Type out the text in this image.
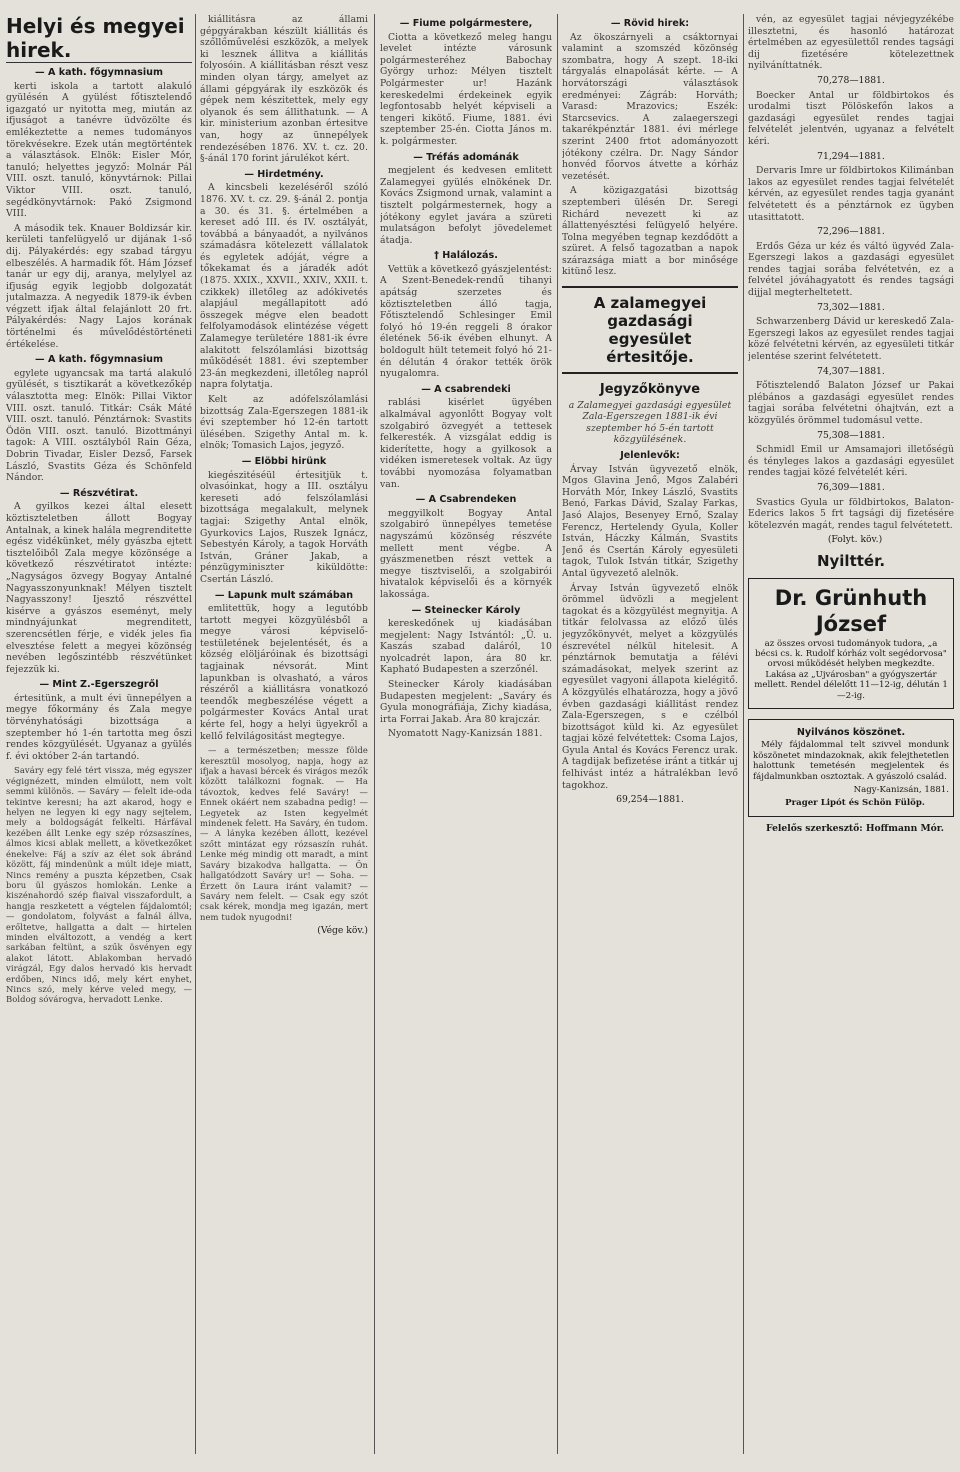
Helyi és megyei hirek.
— A kath. főgymnasium

kerti iskola a tartott alakuló gyülésén A gyülést főtisztelendő igazgató ur nyitotta meg, miután az ifjuságot a tanévre üdvözölte és emlékeztette a nemes tudományos törekvésekre. Ezek után megtörténtek a választások. Elnök: Eisler Mór, tanuló; helyettes jegyző: Molnár Pál VIII. oszt. tanuló, könyvtárnok: Pillai Viktor VIII. oszt. tanuló, segédkönyvtárnok: Pakó Zsigmond VIII.

A második tek. Knauer Boldizsár kir. kerületi tanfelügyelő ur dijának 1-ső dij. Pályakérdés: egy szabad tárgyu elbeszélés. A harmadik főt. Hám József tanár ur egy dij, aranya, melylyel az ifjuság egyik legjobb dolgozatát jutalmazza. A negyedik 1879-ik évben végzett ifjak által felajánlott 20 frt. Pályakérdés: Nagy Lajos korának történelmi és művelődéstörténeti értékelése.

— A kath. főgymnasium

egylete ugyancsak ma tartá alakuló gyülését, s tisztikarát a következőkép választotta meg: Elnök: Pillai Viktor VIII. oszt. tanuló. Titkár: Csák Máté VIII. oszt. tanuló. Pénztárnok: Svastits Ödön VIII. oszt. tanuló. Bizottmányi tagok: A VIII. osztályból Rain Géza, Dobrin Tivadar, Eisler Dezső, Farsek László, Svastits Géza és Schönfeld Nándor.

— Részvétirat.

A gyilkos kezei által elesett köztiszteletben állott Bogyay Antalnak, a kinek halála megrenditette egész vidékünket, mély gyászba ejtett tisztelőiből Zala megye közönsége a következő részvétiratot intézte: „Nagyságos özvegy Bogyay Antalné Nagyasszonyunknak! Mélyen tisztelt Nagyasszony! Ijesztő részvéttel kisérve a gyászos eseményt, mely mindnyájunkat megrenditett, szerencsétlen férje, e vidék jeles fia elvesztése felett a megyei közönség nevében legőszintébb részvétünket fejezzük ki.

— Mint Z.-Egerszegről

értesitünk, a mult évi ünnepélyen a megye főkormány és Zala megye törvényhatósági bizottsága a szeptember hó 1-én tartotta meg őszi rendes közgyülését. Ugyanaz a gyülés f. évi október 2-án tartandó.

Saváry egy felé tért vissza, még egyszer végignézett, minden elmúlott, nem volt semmi különös. — Saváry — felelt ide-oda tekintve keresni; ha azt akarod, hogy e helyen ne legyen ki egy nagy sejtelem, mely a boldogságát felkelti. Hárfával kezében állt Lenke egy szép rózsaszínes, álmos kicsi ablak mellett, a következőket énekelve: Fáj a szív az élet sok ábránd között, fáj mindenünk a múlt ideje miatt, Nincs remény a puszta képzetben, Csak boru ül gyászos homlokán. Lenke a kiszénahordó szép fiaival visszafordult, a hangja reszketett a végtelen fájdalomtól; — gondolatom, folyvást a falnál állva, erőltetve, hallgatta a dalt — hirtelen minden elváltozott, a vendég a kert sarkában feltünt, a szűk ösvényen egy alakot látott. Ablakomban hervadó virágzál, Egy dalos hervadó kis hervadt erdőben, Nincs idő, mely kért enyhet, Nincs szó, mely kérve veled megy, — Boldog sóvárogva, hervadott Lenke.

kiállitásra az állami gépgyárakban készült kiállitás és szőllőművelési eszközök, a melyek ki lesznek állitva a kiállitás folyosóin. A kiállitásban részt vesz minden olyan tárgy, amelyet az állami gépgyárak ily eszközök és gépek nem készitettek, mely egy olyanok és sem állithatunk. — A kir. ministerium azonban értesitve van, hogy az ünnepélyek rendezésében 1876. XV. t. cz. 20. §-ánál 170 forint járulékot kért.

— Hirdetmény.

A kincsbeli kezeléséről szóló 1876. XV. t. cz. 29. §-ánál 2. pontja a 30. és 31. §. értelmében a kereset adó III. és IV. osztályát, továbbá a bányaadót, a nyilvános számadásra kötelezett vállalatok és egyletek adóját, végre a tőkekamat és a járadék adót (1875. XXIX., XXVII., XXIV., XXII. t. czikkek) illetőleg az adókivetés alapjául megállapitott adó összegek mégve elen beadott felfolyamodások elintézése végett Zalamegye területére 1881-ik évre alakitott felszólamlási bizottság működését 1881. évi szeptember 23-án megkezdeni, illetőleg napról napra folytatja.

Kelt az adófelszólamlási bizottság Zala-Egerszegen 1881-ik évi szeptember hó 12-én tartott ülésében. Szigethy Antal m. k. elnök; Tomasich Lajos, jegyző.

— Elöbbi hirünk

kiegészitéséül értesitjük t. olvasóinkat, hogy a III. osztályu kereseti adó felszólamlási bizottsága megalakult, melynek tagjai: Szigethy Antal elnök, Gyurkovics Lajos, Ruszek Ignácz, Sebestyén Károly, a tagok Horváth István, Gráner Jakab, a pénzügyminiszter kiküldötte: Csertán László.

— Lapunk mult számában

emlitettük, hogy a legutóbb tartott megyei közgyülésből a megye városi képviselő-testületének bejelentését, és a község elöljáróinak és bizottsági tagjainak névsorát. Mint lapunkban is olvasható, a város részéről a kiállitásra vonatkozó teendők megbeszélése végett a polgármester Kovács Antal urat kérte fel, hogy a helyi ügyekről a kellő felvilágositást megtegye.

— a természetben; messze földe keresztül mosolyog, napja, hogy az ifjak a havasi bércek és virágos mezők között találkozni fognak. — Ha távoztok, kedves felé Saváry! — Ennek okáért nem szabadna pedig! — Legyetek az Isten kegyelmét mindenek felett. Ha Saváry, én tudom. — A lányka kezében állott, kezével szőtt mintázat egy rózsaszín ruhát. Lenke még mindig ott maradt, a mint Saváry bizakodva hallgatta. — Ön hallgatódzott Saváry ur! — Soha. — Érzett ön Laura iránt valamit? — Saváry nem felelt. — Csak egy szót csak kérek, mondja meg igazán, mert nem tudok nyugodni!

(Vége köv.)

— Fiume polgármestere,

Ciotta a következő meleg hangu levelet intézte városunk polgármesteréhez Babochay György urhoz: Mélyen tisztelt Polgármester ur! Hazánk kereskedelmi érdekeinek egyik legfontosabb helyét képviseli a tengeri kikötő. Fiume, 1881. évi szeptember 25-én. Ciotta János m. k. polgármester.

— Tréfás adománák

megjelent és kedvesen emlitett Zalamegyei gyülés elnökének Dr. Kovács Zsigmond urnak, valamint a tisztelt polgármesternek, hogy a jótékony egylet javára a szüreti mulatságon befolyt jövedelemet átadja.

† Halálozás.

Vettük a következő gyászjelentést: A Szent-Benedek-rendű tihanyi apátság szerzetes és köztiszteletben álló tagja, Főtisztelendő Schlesinger Emil folyó hó 19-én reggeli 8 órakor életének 56-ik évében elhunyt. A boldogult hült tetemeit folyó hó 21-én délután 4 órakor tették örök nyugalomra.

— A csabrendeki

rablási kisérlet ügyében alkalmával agyonlőtt Bogyay volt szolgabiró özvegyét a tettesek felkeresték. A vizsgálat eddig is kiderítette, hogy a gyilkosok a vidéken ismeretesek voltak. Az ügy további nyomozása folyamatban van.

— A Csabrendeken

meggyilkolt Bogyay Antal szolgabiró ünnepélyes temetése nagyszámú közönség részvéte mellett ment végbe. A gyászmenetben részt vettek a megye tisztviselői, a szolgabirói hivatalok képviselői és a környék lakossága.

— Steinecker Károly

kereskedőnek uj kiadásában megjelent: Nagy Istvántól: „Ü. u. Kaszás szabad daláról, 10 nyolcadrét lapon, ára 80 kr. Kapható Budapesten a szerzőnél.

Steinecker Károly kiadásában Budapesten megjelent: „Saváry és Gyula monográfiája, Zichy kiadása, irta Forrai Jakab. Ára 80 krajczár.

Nyomatott Nagy-Kanizsán 1881.

— Rövid hirek:

Az ökoszárnyeli a csáktornyai valamint a szomszéd közönség szombatra, hogy A szept. 18-iki tárgyalás elnapolását kérte. — A horvátországi választások eredményei: Zágráb: Horváth; Varasd: Mrazovics; Eszék: Starcsevics. A zalaegerszegi takarékpénztár 1881. évi mérlege szerint 2400 frtot adományozott jótékony czélra. Dr. Nagy Sándor honvéd főorvos átvette a kórház vezetését.

A közigazgatási bizottság szeptemberi ülésén Dr. Seregi Richárd nevezett ki az állattenyésztési felügyelő helyére. Tolna megyében tegnap kezdődött a szüret. A felső tagozatban a napok szárazsága miatt a bor minősége kitünő lesz.

A zalamegyei gazdasági egyesület értesitője.
Jegyzőkönyve

a Zalamegyei gazdasági egyesület Zala-Egerszegen 1881-ik évi szeptember hó 5-én tartott közgyülésének.

Jelenlevők:

Árvay István ügyvezető elnök, Mgos Glavina Jenő, Mgos Zalabéri Horváth Mór, Inkey László, Svastits Benó, Farkas Dávid, Szalay Farkas, Jasó Alajos, Besenyey Ernő, Szalay Ferencz, Hertelendy Gyula, Koller István, Háczky Kálmán, Svastits Jenő és Csertán Károly egyesületi tagok, Tulok István titkár, Szigethy Antal ügyvezető alelnök.

Árvay István ügyvezető elnök örömmel üdvözli a megjelent tagokat és a közgyülést megnyitja. A titkár felolvassa az előző ülés jegyzőkönyvét, melyet a közgyülés észrevétel nélkül hitelesit. A pénztárnok bemutatja a félévi számadásokat, melyek szerint az egyesület vagyoni állapota kielégitő. A közgyülés elhatározza, hogy a jövő évben gazdasági kiállitást rendez Zala-Egerszegen, s e czélból bizottságot küld ki. Az egyesület tagjai közé felvétettek: Csoma Lajos, Gyula Antal és Kovács Ferencz urak. A tagdijak befizetése iránt a titkár uj felhivást intéz a hátralékban levő tagokhoz.

69,254—1881.

vén, az egyesület tagjai névjegyzékébe illesztetni, és hasonló határozat értelmében az egyesülettől rendes tagsági dij fizetésére kötelezettnek nyilváníttatnék.

70,278—1881.

Boecker Antal ur földbirtokos és urodalmi tiszt Pölöskefőn lakos a gazdasági egyesület rendes tagjai felvételét jelentvén, ugyanaz a felvételt kéri.

71,294—1881.

Dervaris Imre ur földbirtokos Kilimánban lakos az egyesület rendes tagjai felvételét kérvén, az egyesület rendes tagja gyanánt felvétetett és a pénztárnok ez ügyben utasittatott.

72,296—1881.

Erdős Géza ur kéz és váltó ügyvéd Zala-Egerszegi lakos a gazdasági egyesület rendes tagjai sorába felvétetvén, ez a felvétel jóváhagyatott és rendes tagsági dijjal megterheltetett.

73,302—1881.

Schwarzenberg Dávid ur kereskedő Zala-Egerszegi lakos az egyesület rendes tagjai közé felvétetni kérvén, az egyesületi titkár jelentése szerint felvétetett.

74,307—1881.

Főtisztelendő Balaton József ur Pakai plébános a gazdasági egyesület rendes tagjai sorába felvétetni óhajtván, ezt a közgyülés örömmel tudomásul vette.

75,308—1881.

Schmidl Emil ur Amsamajori illetőségü és tényleges lakos a gazdasági egyesület rendes tagjai közé felvételét kéri.

76,309—1881.

Svastics Gyula ur földbirtokos, Balaton-Ederics lakos 5 frt tagsági dij fizetésére kötelezvén magát, rendes tagul felvétetett.

(Folyt. köv.)

Nyilttér.
Dr. Grünhuth József

az összes orvosi tudományok tudora, „a bécsi cs. k. Rudolf kórház volt segédorvosa" orvosi működését helyben megkezdte. Lakása az „Ujvárosban" a gyógyszertár mellett. Rendel délelőtt 11—12-ig, délután 1—2-ig.

Nyilvános köszönet.

Mély fájdalommal telt szivvel mondunk köszönetet mindazoknak, akik felejthetetlen halottunk temetésén megjelentek és fájdalmunkban osztoztak. A gyászoló család.

Nagy-Kanizsán, 1881.

Prager Lipót és Schön Fülöp.

Felelős szerkesztő: Hoffmann Mór.
